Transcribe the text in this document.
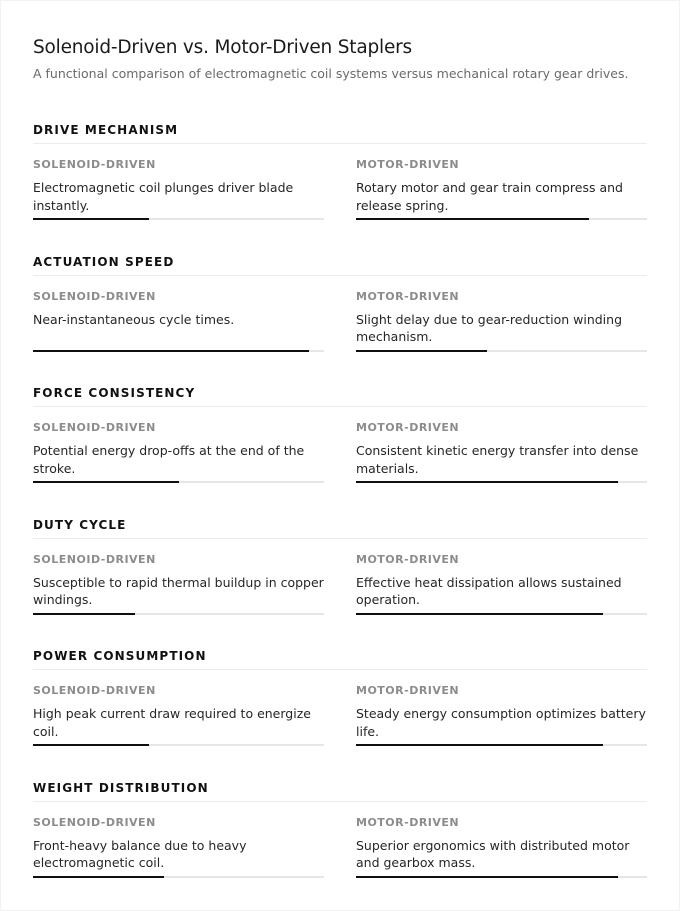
Solenoid-Driven vs. Motor-Driven Staplers

A functional comparison of electromagnetic coil systems versus mechanical rotary gear drives.

DRIVE MECHANISM
SOLENOID-DRIVEN
Electromagnetic coil plunges driver blade instantly.
MOTOR-DRIVEN
Rotary motor and gear train compress and release spring.
ACTUATION SPEED
SOLENOID-DRIVEN
Near-instantaneous cycle times.
MOTOR-DRIVEN
Slight delay due to gear-reduction winding mechanism.
FORCE CONSISTENCY
SOLENOID-DRIVEN
Potential energy drop-offs at the end of the stroke.
MOTOR-DRIVEN
Consistent kinetic energy transfer into dense materials.
DUTY CYCLE
SOLENOID-DRIVEN
Susceptible to rapid thermal buildup in copper windings.
MOTOR-DRIVEN
Effective heat dissipation allows sustained operation.
POWER CONSUMPTION
SOLENOID-DRIVEN
High peak current draw required to energize coil.
MOTOR-DRIVEN
Steady energy consumption optimizes battery life.
WEIGHT DISTRIBUTION
SOLENOID-DRIVEN
Front-heavy balance due to heavy electromagnetic coil.
MOTOR-DRIVEN
Superior ergonomics with distributed motor and gearbox mass.
